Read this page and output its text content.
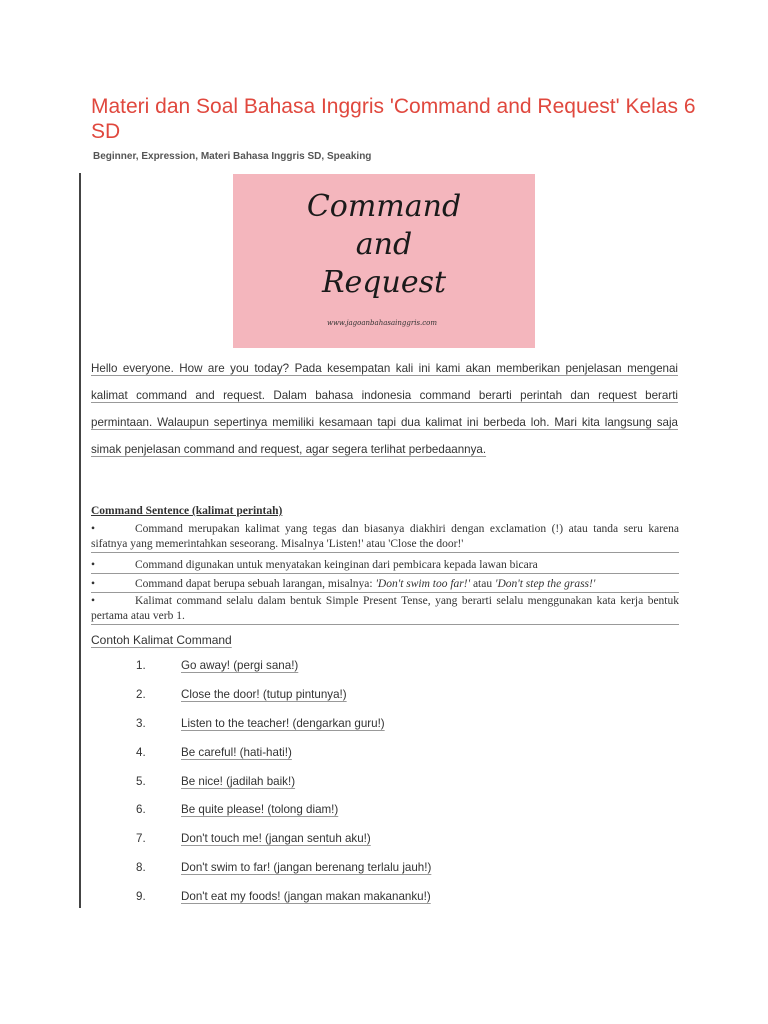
Materi dan Soal Bahasa Inggris 'Command and Request' Kelas 6 SD
Beginner, Expression, Materi Bahasa Inggris SD, Speaking
Command
and
Request
www.jagoanbahasainggris.com

Hello everyone. How are you today? Pada kesempatan kali ini kami akan memberikan penjelasan mengenai kalimat command and request. Dalam bahasa indonesia command berarti perintah dan request berarti permintaan. Walaupun sepertinya memiliki kesamaan tapi dua kalimat ini berbeda loh. Mari kita langsung saja simak penjelasan command and request, agar segera terlihat perbedaannya.

Command Sentence (kalimat perintah)
•	Command merupakan kalimat yang tegas dan biasanya diakhiri dengan exclamation (!) atau tanda seru karena sifatnya yang memerintahkan seseorang. Misalnya 'Listen!' atau 'Close the door!'
•	Command digunakan untuk menyatakan keinginan dari pembicara kepada lawan bicara
•	Command dapat berupa sebuah larangan, misalnya: 'Don't swim too far!' atau 'Don't step the grass!'
•	Kalimat command selalu dalam bentuk Simple Present Tense, yang berarti selalu menggunakan kata kerja bentuk pertama atau verb 1.
Contoh Kalimat Command
1.	Go away! (pergi sana!)
2.	Close the door! (tutup pintunya!)
3.	Listen to the teacher! (dengarkan guru!)
4.	Be careful! (hati-hati!)
5.	Be nice! (jadilah baik!)
6.	Be quite please! (tolong diam!)
7.	Don't touch me! (jangan sentuh aku!)
8.	Don't swim to far! (jangan berenang terlalu jauh!)
9.	Don't eat my foods! (jangan makan makananku!)
